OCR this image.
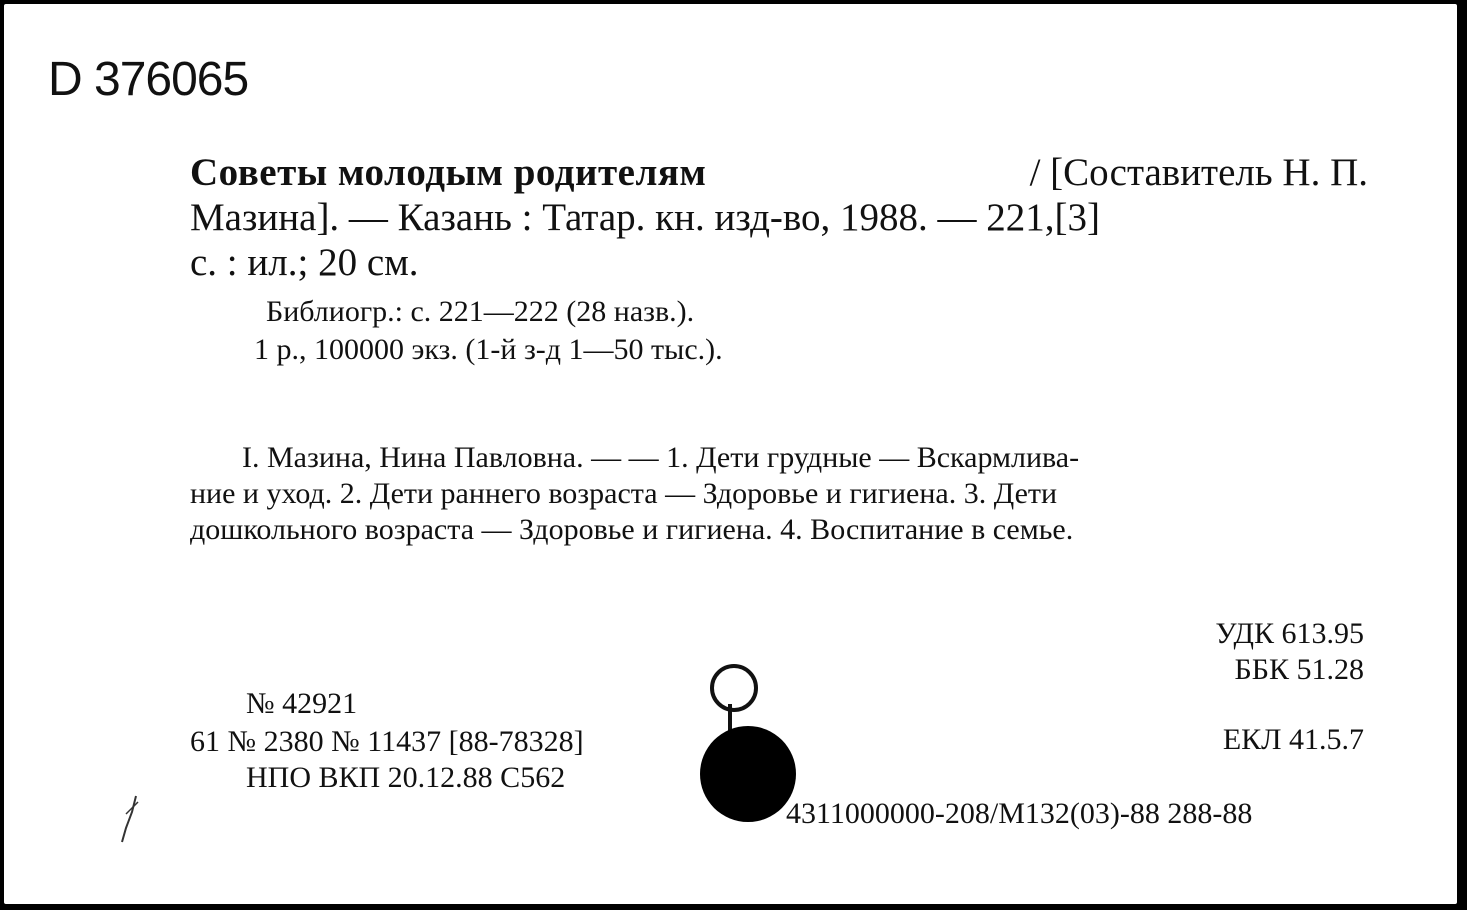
D 376065
Советы молодым родителям	/ [Составитель Н. П.
Мазина]. — Казань : Татар. кн. изд-во, 1988. — 221,[3]
с. : ил.; 20 см.
Библиогр.: с. 221—222 (28 назв.).
1 р., 100000 экз. (1-й з-д 1—50 тыс.).
I. Мазина, Нина Павловна. — — 1. Дети грудные — Вскармлива-
ние и уход. 2. Дети раннего возраста — Здоровье и гигиена. 3. Дети
дошкольного возраста — Здоровье и гигиена. 4. Воспитание в семье.
УДК 613.95
ББК 51.28
ЕКЛ 41.5.7
№ 42921
61 № 2380 № 11437 [88-78328]
НПО ВКП 20.12.88 С562
4311000000-208/М132(03)-88 288-88
